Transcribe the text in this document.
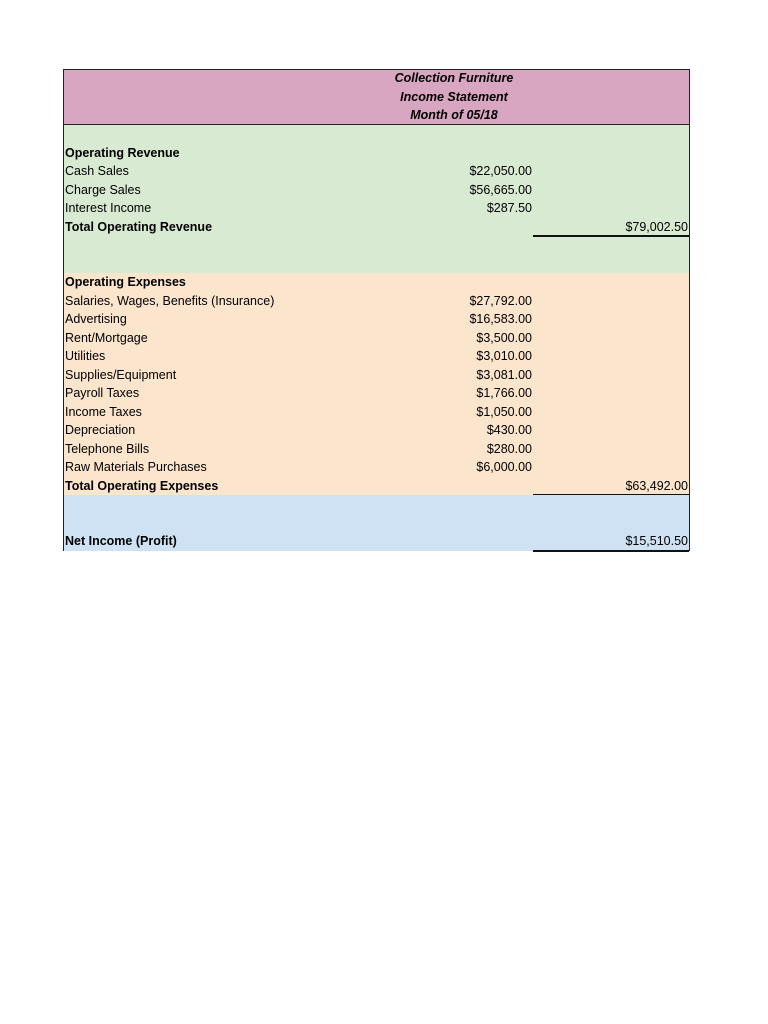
Collection Furniture
Income Statement
Month of 05/18
Operating Revenue
Cash Sales	$22,050.00
Charge Sales	$56,665.00
Interest Income	$287.50
Total Operating Revenue	$79,002.50
Operating Expenses
Salaries, Wages, Benefits (Insurance)	$27,792.00
Advertising	$16,583.00
Rent/Mortgage	$3,500.00
Utilities	$3,010.00
Supplies/Equipment	$3,081.00
Payroll Taxes	$1,766.00
Income Taxes	$1,050.00
Depreciation	$430.00
Telephone Bills	$280.00
Raw Materials Purchases	$6,000.00
Total Operating Expenses	$63,492.00
Net Income (Profit)	$15,510.50
